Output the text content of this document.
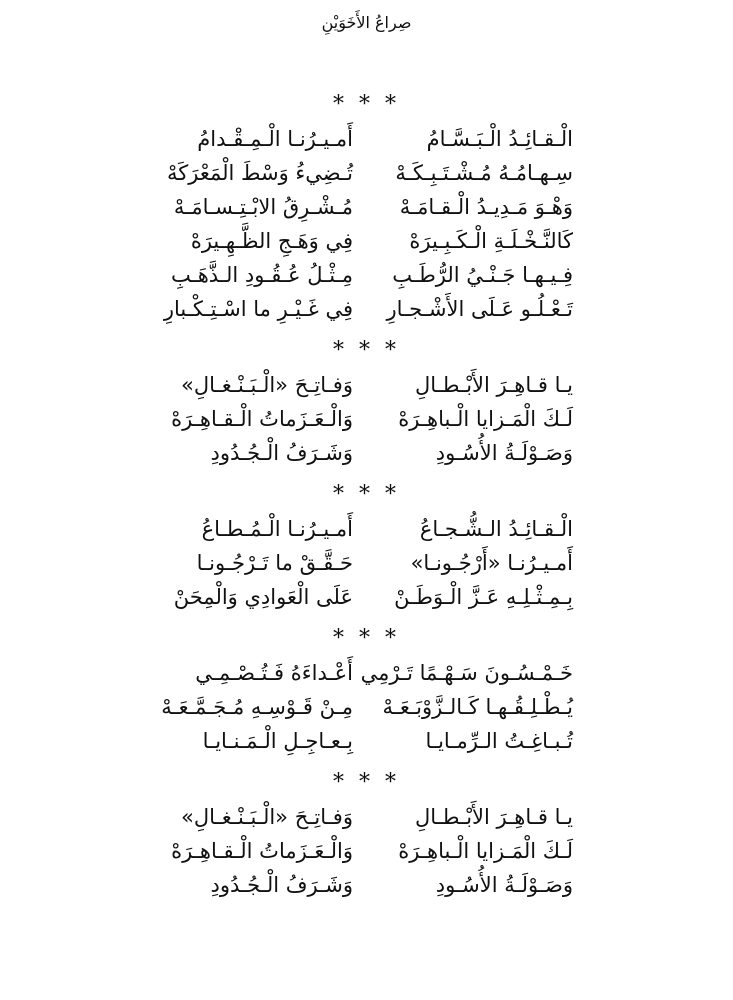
صِراعُ الأَخَوَيْنِ
* * *
الْـقـائِـدُ الْـبَـسَّـامُ
أَمـيـرُنـا الْـمِـقْـدامُ
سِـهـامُـهُ مُـشْـتَـبِـكَـهْ
تُـضِيءُ وَسْطَ الْمَعْرَكَهْ
وَهْـوَ مَـدِيـدُ الْـقـامَـهْ
مُـشْـرِقُ الابْـتِـسـامَـهْ
كَالنَّـخْـلَـةِ الْـكَـبِـيرَهْ
فِي وَهَـجِ الظَّـهِـيرَهْ
فِـيـهـا جَـنْـيُ الرُّطَـبِ
مِـثْـلُ عُـقُـودِ الـذَّهَـبِ
تَـعْـلُـو عَـلَى الأَشْـجـارِ
فِي غَـيْـرِ ما اسْـتِـكْـبارِ
* * *
يـا قـاهِـرَ الأَبْـطـالِ
وَفـاتِـحَ «الْـبَـنْـغـالِ»
لَـكَ الْمَـزايا الْـباهِـرَهْ
وَالْـعَـزَماتُ الْـقـاهِـرَهْ
وَصَـوْلَـةُ الأُسُـودِ
وَشَـرَفُ الْـجُـدُودِ
* * *
الْـقـائِـدُ الـشُّـجـاعُ
أَمـيـرُنـا الْـمُـطـاعُ
أَمـيـرُنـا «أَرْجُـونـا»
حَـقَّـقْ ما تَـرْجُـونـا
بِـمِـثْـلِـهِ عَـزَّ الْـوَطَـنْ
عَلَى الْعَوادِي وَالْمِحَنْ
* * *
خَـمْـسُـونَ سَـهْـمًا تَـرْمِي
أَعْـداءَهُ فَـتُـصْـمِـي
يُـطْـلِـقُـهـا كَـالـزَّوْبَـعَـهْ
مِـنْ قَـوْسِـهِ مُـجَـمَّـعَـهْ
تُـبـاغِـتُ الـرِّمـايـا
بِـعـاجِـلِ الْـمَـنـايـا
* * *
يـا قـاهِـرَ الأَبْـطـالِ
وَفـاتِـحَ «الْـبَـنْـغـالِ»
لَـكَ الْمَـزايا الْـباهِـرَهْ
وَالْـعَـزَماتُ الْـقـاهِـرَهْ
وَصَـوْلَـةُ الأُسُـودِ
وَشَـرَفُ الْـجُـدُودِ
